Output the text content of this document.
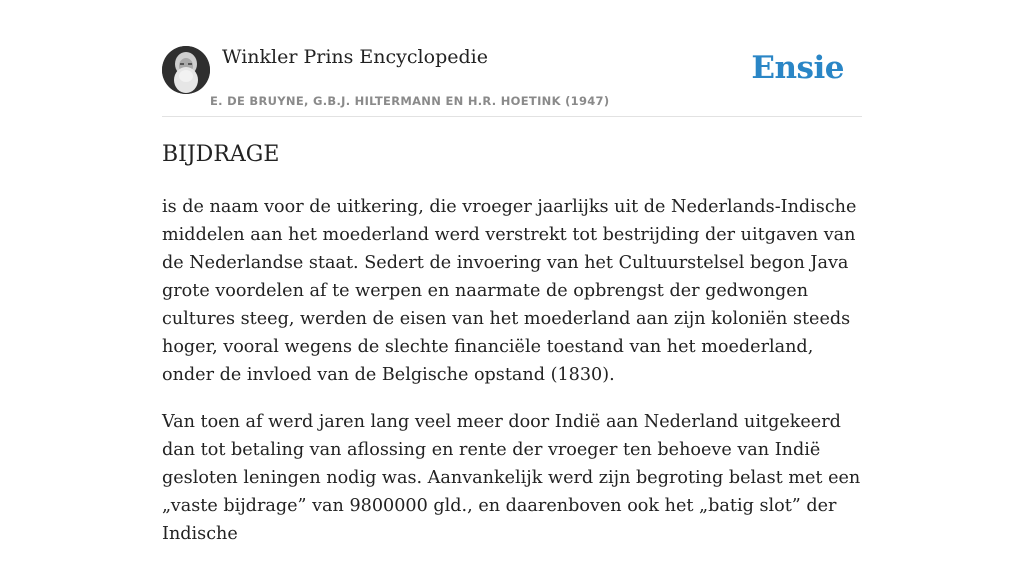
Winkler Prins Encyclopedie
E. DE BRUYNE, G.B.J. HILTERMANN EN H.R. HOETINK (1947)
Ensie
BIJDRAGE

is de naam voor de uitkering, die vroeger jaarlijks uit de Nederlands-Indische middelen aan het moederland werd verstrekt tot bestrijding der uitgaven van de Nederlandse staat. Sedert de invoering van het Cultuurstelsel begon Java grote voordelen af te werpen en naarmate de opbrengst der gedwongen cultures steeg, werden de eisen van het moederland aan zijn koloniën steeds hoger, vooral wegens de slechte financiële toestand van het moederland, onder de invloed van de Belgische opstand (1830).

Van toen af werd jaren lang veel meer door Indië aan Nederland uitgekeerd dan tot betaling van aflossing en rente der vroeger ten behoeve van Indië gesloten leningen nodig was. Aanvankelijk werd zijn begroting belast met een „vaste bijdrage” van 9800000 gld., en daarenboven ook het „batig slot” der Indische
